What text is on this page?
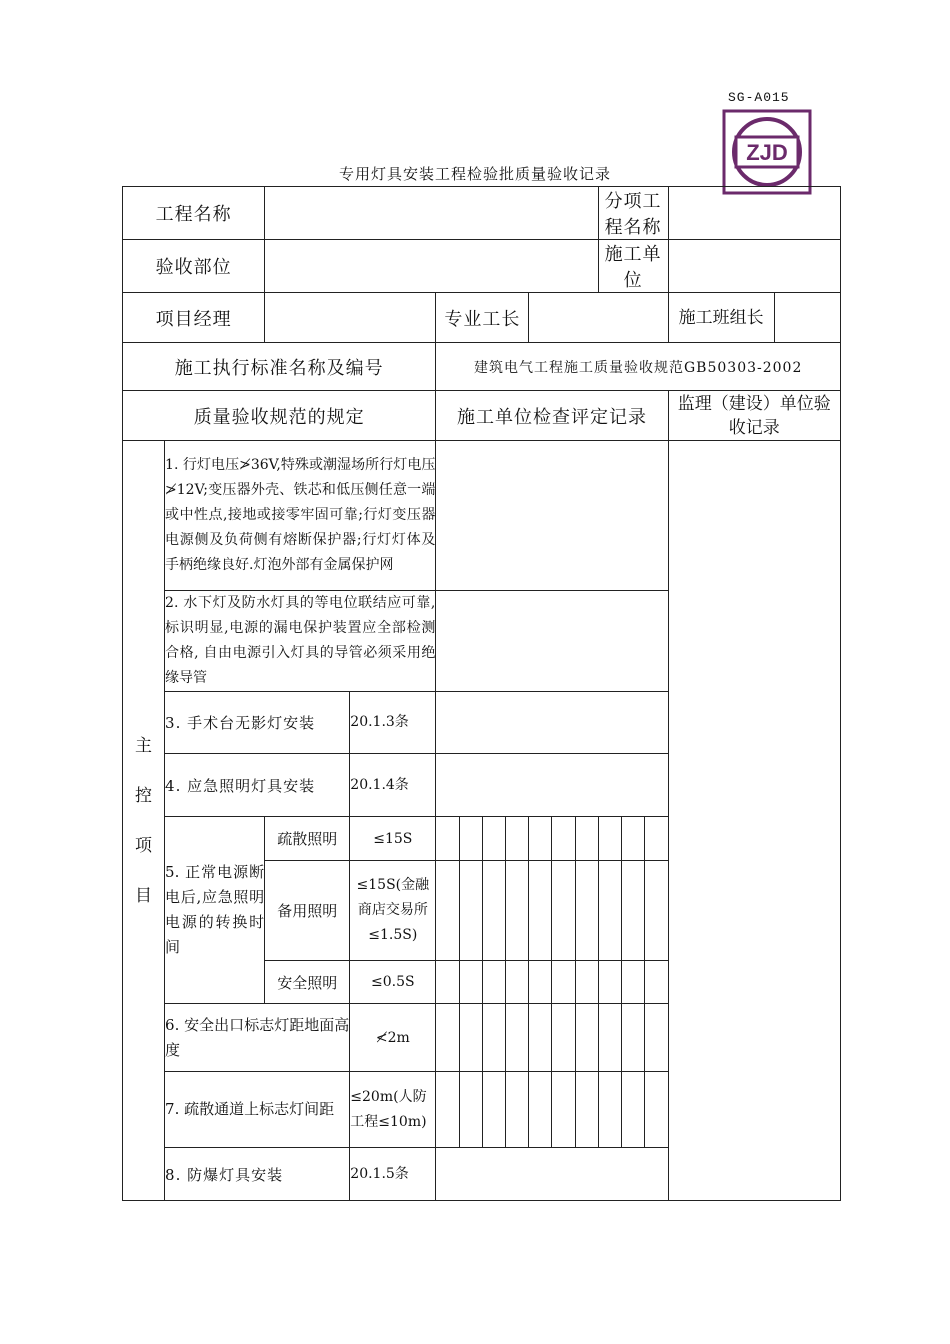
SG-A015
ZJD
专用灯具安装工程检验批质量验收记录
工程名称											分项工程名称				
验收部位											施工单位				
项目经理				专业工长										施工班组长	
施工执行标准名称及编号				建筑电气工程施工质量验收规范GB50303-2002											
质量验收规范的规定				施工单位检查评定记录										监理（建设）单位验收记录	

主
控
项
目	1. 行灯电压≯36V,特殊或潮湿场所行灯电压≯12V;变压器外壳、铁芯和低压侧任意一端或中性点,接地或接零牢固可靠;行灯变压器电源侧及负荷侧有熔断保护器;行灯灯体及手柄绝缘良好.灯泡外部有金属保护网														
	2. 水下灯及防水灯具的等电位联结应可靠,标识明显,电源的漏电保护装置应全部检测合格, 自由电源引入灯具的导管必须采用绝缘导管														
	3. 手术台无影灯安装		20.1.3条												
	4. 应急照明灯具安装		20.1.4条												
	5. 正常电源断电后,应急照明电源的转换时间	疏散照明	≤15S												
		备用照明	≤15S(金融商店交易所≤1.5S)												
		安全照明	≤0.5S												
	6. 安全出口标志灯距地面高度		≮2m												
	7. 疏散通道上标志灯间距		≤20m(人防工程≤10m)												
	8. 防爆灯具安装		20.1.5条												
